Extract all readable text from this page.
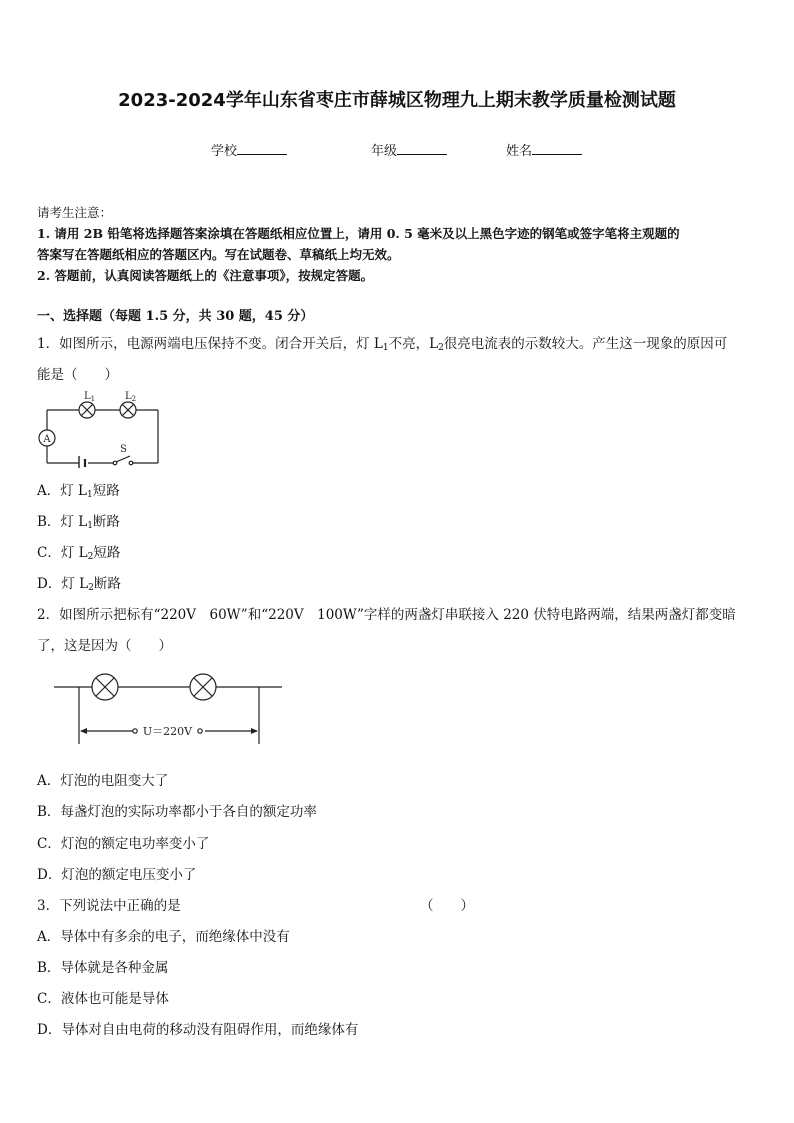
2023-2024学年山东省枣庄市薛城区物理九上期末教学质量检测试题
学校	年级	姓名
请考生注意：
1. 请用 2B 铅笔将选择题答案涂填在答题纸相应位置上，请用 0. 5 毫米及以上黑色字迹的钢笔或签字笔将主观题的
答案写在答题纸相应的答题区内。写在试题卷、草稿纸上均无效。
2. 答题前，认真阅读答题纸上的《注意事项》，按规定答题。
一、选择题（每题 1.5 分，共 30 题，45 分）
1．如图所示，电源两端电压保持不变。闭合开关后，灯 $L_1$不亮，$L_2$很亮电流表的示数较大。产生这一现象的原因可
能是（　　）
A
$L_1$	$L_2$
S
A．灯 $L_1$短路
B．灯 $L_1$断路
C．灯 $L_2$短路
D．灯 $L_2$断路
2．如图所示把标有“220V　60W”和“220V　100W”字样的两盏灯串联接入 220 伏特电路两端，结果两盏灯都变暗
了，这是因为（　　）
U＝220V
A．灯泡的电阻变大了
B．每盏灯泡的实际功率都小于各自的额定功率
C．灯泡的额定电功率变小了
D．灯泡的额定电压变小了
3．下列说法中正确的是	（　　）
A．导体中有多余的电子，而绝缘体中没有
B．导体就是各种金属
C．液体也可能是导体
D．导体对自由电荷的移动没有阻碍作用，而绝缘体有
